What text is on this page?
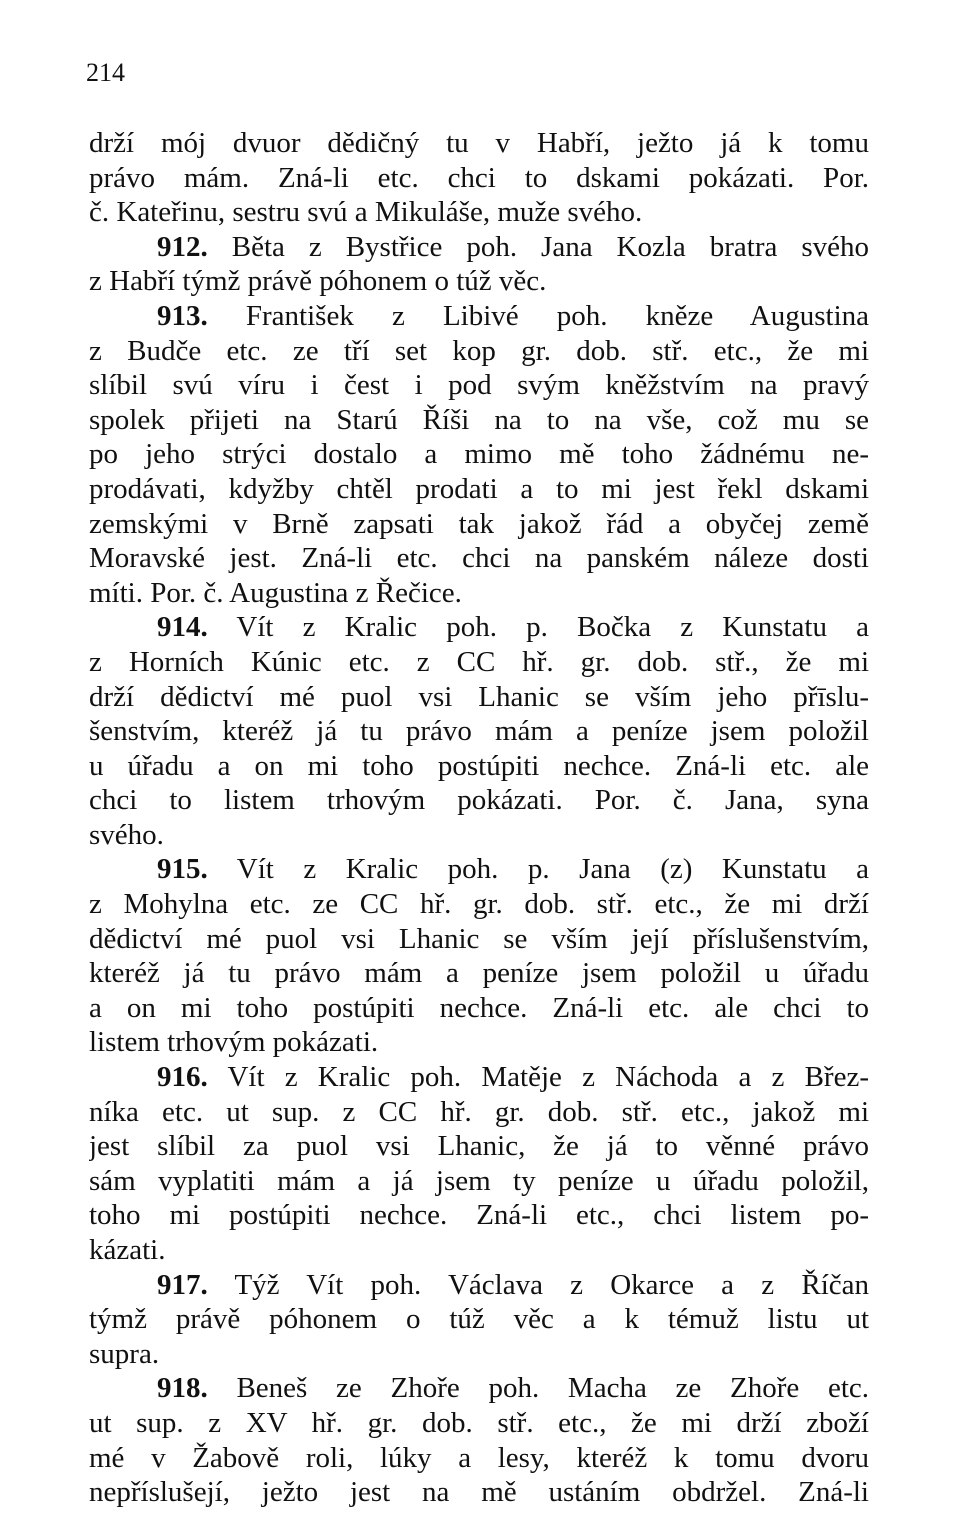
214
drží mój dvuor dědičný tu v Habří, ježto já k tomu
právo mám. Zná-li etc. chci to dskami pokázati. Por.
č. Kateřinu, sestru svú a Mikuláše, muže svého.
912. Běta z Bystřice poh. Jana Kozla bratra svého
z Habří týmž právě póhonem o túž věc.
913. František z Libivé poh. kněze Augustina
z Budče etc. ze tří set kop gr. dob. stř. etc., že mi
slíbil svú víru i čest i pod svým kněžstvím na pravý
spolek přijeti na Starú Říši na to na vše, což mu se
po jeho strýci dostalo a mimo mě toho žádnému ne-
prodávati, kdyžby chtěl prodati a to mi jest řekl dskami
zemskými v Brně zapsati tak jakož řád a obyčej země
Moravské jest. Zná-li etc. chci na panském náleze dosti
míti. Por. č. Augustina z Řečice.
914. Vít z Kralic poh. p. Bočka z Kunstatu a
z Horních Kúnic etc. z CC hř. gr. dob. stř., že mi
drží dědictví mé puol vsi Lhanic se vším jeho přīslu-
šenstvím, kteréž já tu právo mám a peníze jsem položil
u úřadu a on mi toho postúpiti nechce. Zná-li etc. ale
chci to listem trhovým pokázati. Por. č. Jana, syna
svého.
915. Vít z Kralic poh. p. Jana (z) Kunstatu a
z Mohylna etc. ze CC hř. gr. dob. stř. etc., že mi drží
dědictví mé puol vsi Lhanic se vším její příslušenstvím,
kteréž já tu právo mám a peníze jsem položil u úřadu
a on mi toho postúpiti nechce. Zná-li etc. ale chci to
listem trhovým pokázati.
916. Vít z Kralic poh. Matěje z Náchoda a z Břez-
níka etc. ut sup. z CC hř. gr. dob. stř. etc., jakož mi
jest slíbil za puol vsi Lhanic, že já to věnné právo
sám vyplatiti mám a já jsem ty peníze u úřadu položil,
toho mi postúpiti nechce. Zná-li etc., chci listem po-
kázati.
917. Týž Vít poh. Václava z Okarce a z Říčan
týmž právě póhonem o túž věc a k témuž listu ut
supra.
918. Beneš ze Zhoře poh. Macha ze Zhoře etc.
ut sup. z XV hř. gr. dob. stř. etc., že mi drží zboží
mé v Žabově roli, lúky a lesy, kteréž k tomu dvoru
nepříslušejí, ježto jest na mě ustáním obdržel. Zná-li
